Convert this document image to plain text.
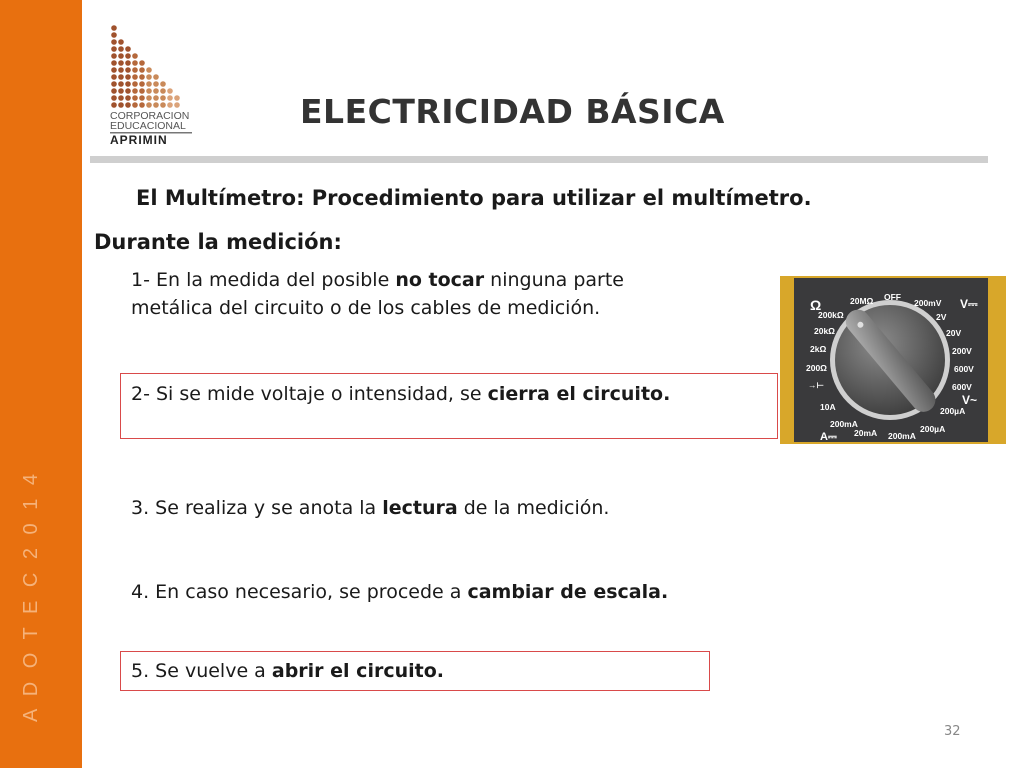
A D O T E C 2 0 1 4
CORPORACION
EDUCACIONAL
APRIMIN
ELECTRICIDAD BÁSICA
El Multímetro: Procedimiento para utilizar el multímetro.
Durante la medición:
1- En la medida del posible no tocar ninguna parte metálica del circuito o de los cables de medición.
2- Si se mide voltaje o intensidad, se cierra el circuito.
3. Se realiza y se anota la lectura de la medición.
4. En caso necesario, se procede a cambiar de escala.
5. Se vuelve a abrir el circuito.
Ω	20MΩ OFF
200mV V⎓
200kΩ	2V
20kΩ	20V
2kΩ	200V
200Ω	600V
→⊢	600V
10A	V~
200mA
200µA
A⎓ 20mA 200mA
200µA
32
